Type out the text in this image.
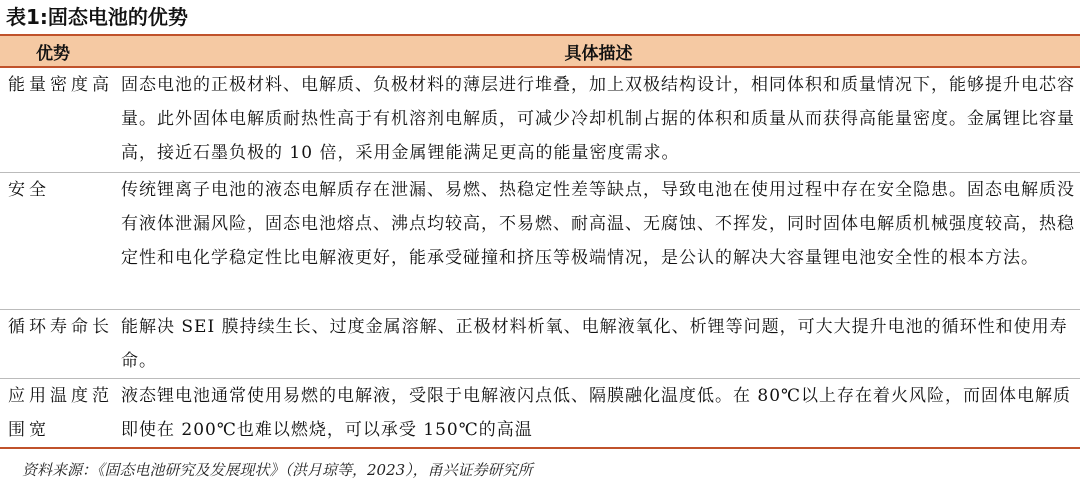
表1:固态电池的优势
优势	具体描述
能量密度高	固态电池的正极材料、电解质、负极材料的薄层进行堆叠，加上双极结构设计，相同体积和质量情况下，能够提升电芯容量。此外固体电解质耐热性高于有机溶剂电解质，可减少冷却机制占据的体积和质量从而获得高能量密度。金属锂比容量高，接近石墨负极的 10 倍，采用金属锂能满足更高的能量密度需求。
安全	传统锂离子电池的液态电解质存在泄漏、易燃、热稳定性差等缺点，导致电池在使用过程中存在安全隐患。固态电解质没有液体泄漏风险，固态电池熔点、沸点均较高，不易燃、耐高温、无腐蚀、不挥发，同时固体电解质机械强度较高，热稳定性和电化学稳定性比电解液更好，能承受碰撞和挤压等极端情况，是公认的解决大容量锂电池安全性的根本方法。
循环寿命长	能解决 SEI 膜持续生长、过度金属溶解、正极材料析氧、电解液氧化、析锂等问题，可大大提升电池的循环性和使用寿命。
应用温度范围宽	液态锂电池通常使用易燃的电解液，受限于电解液闪点低、隔膜融化温度低。在 80℃以上存在着火风险，而固体电解质即使在 200℃也难以燃烧，可以承受 150℃的高温
资料来源：《固态电池研究及发展现状》（洪月琼等，2023），甬兴证券研究所
